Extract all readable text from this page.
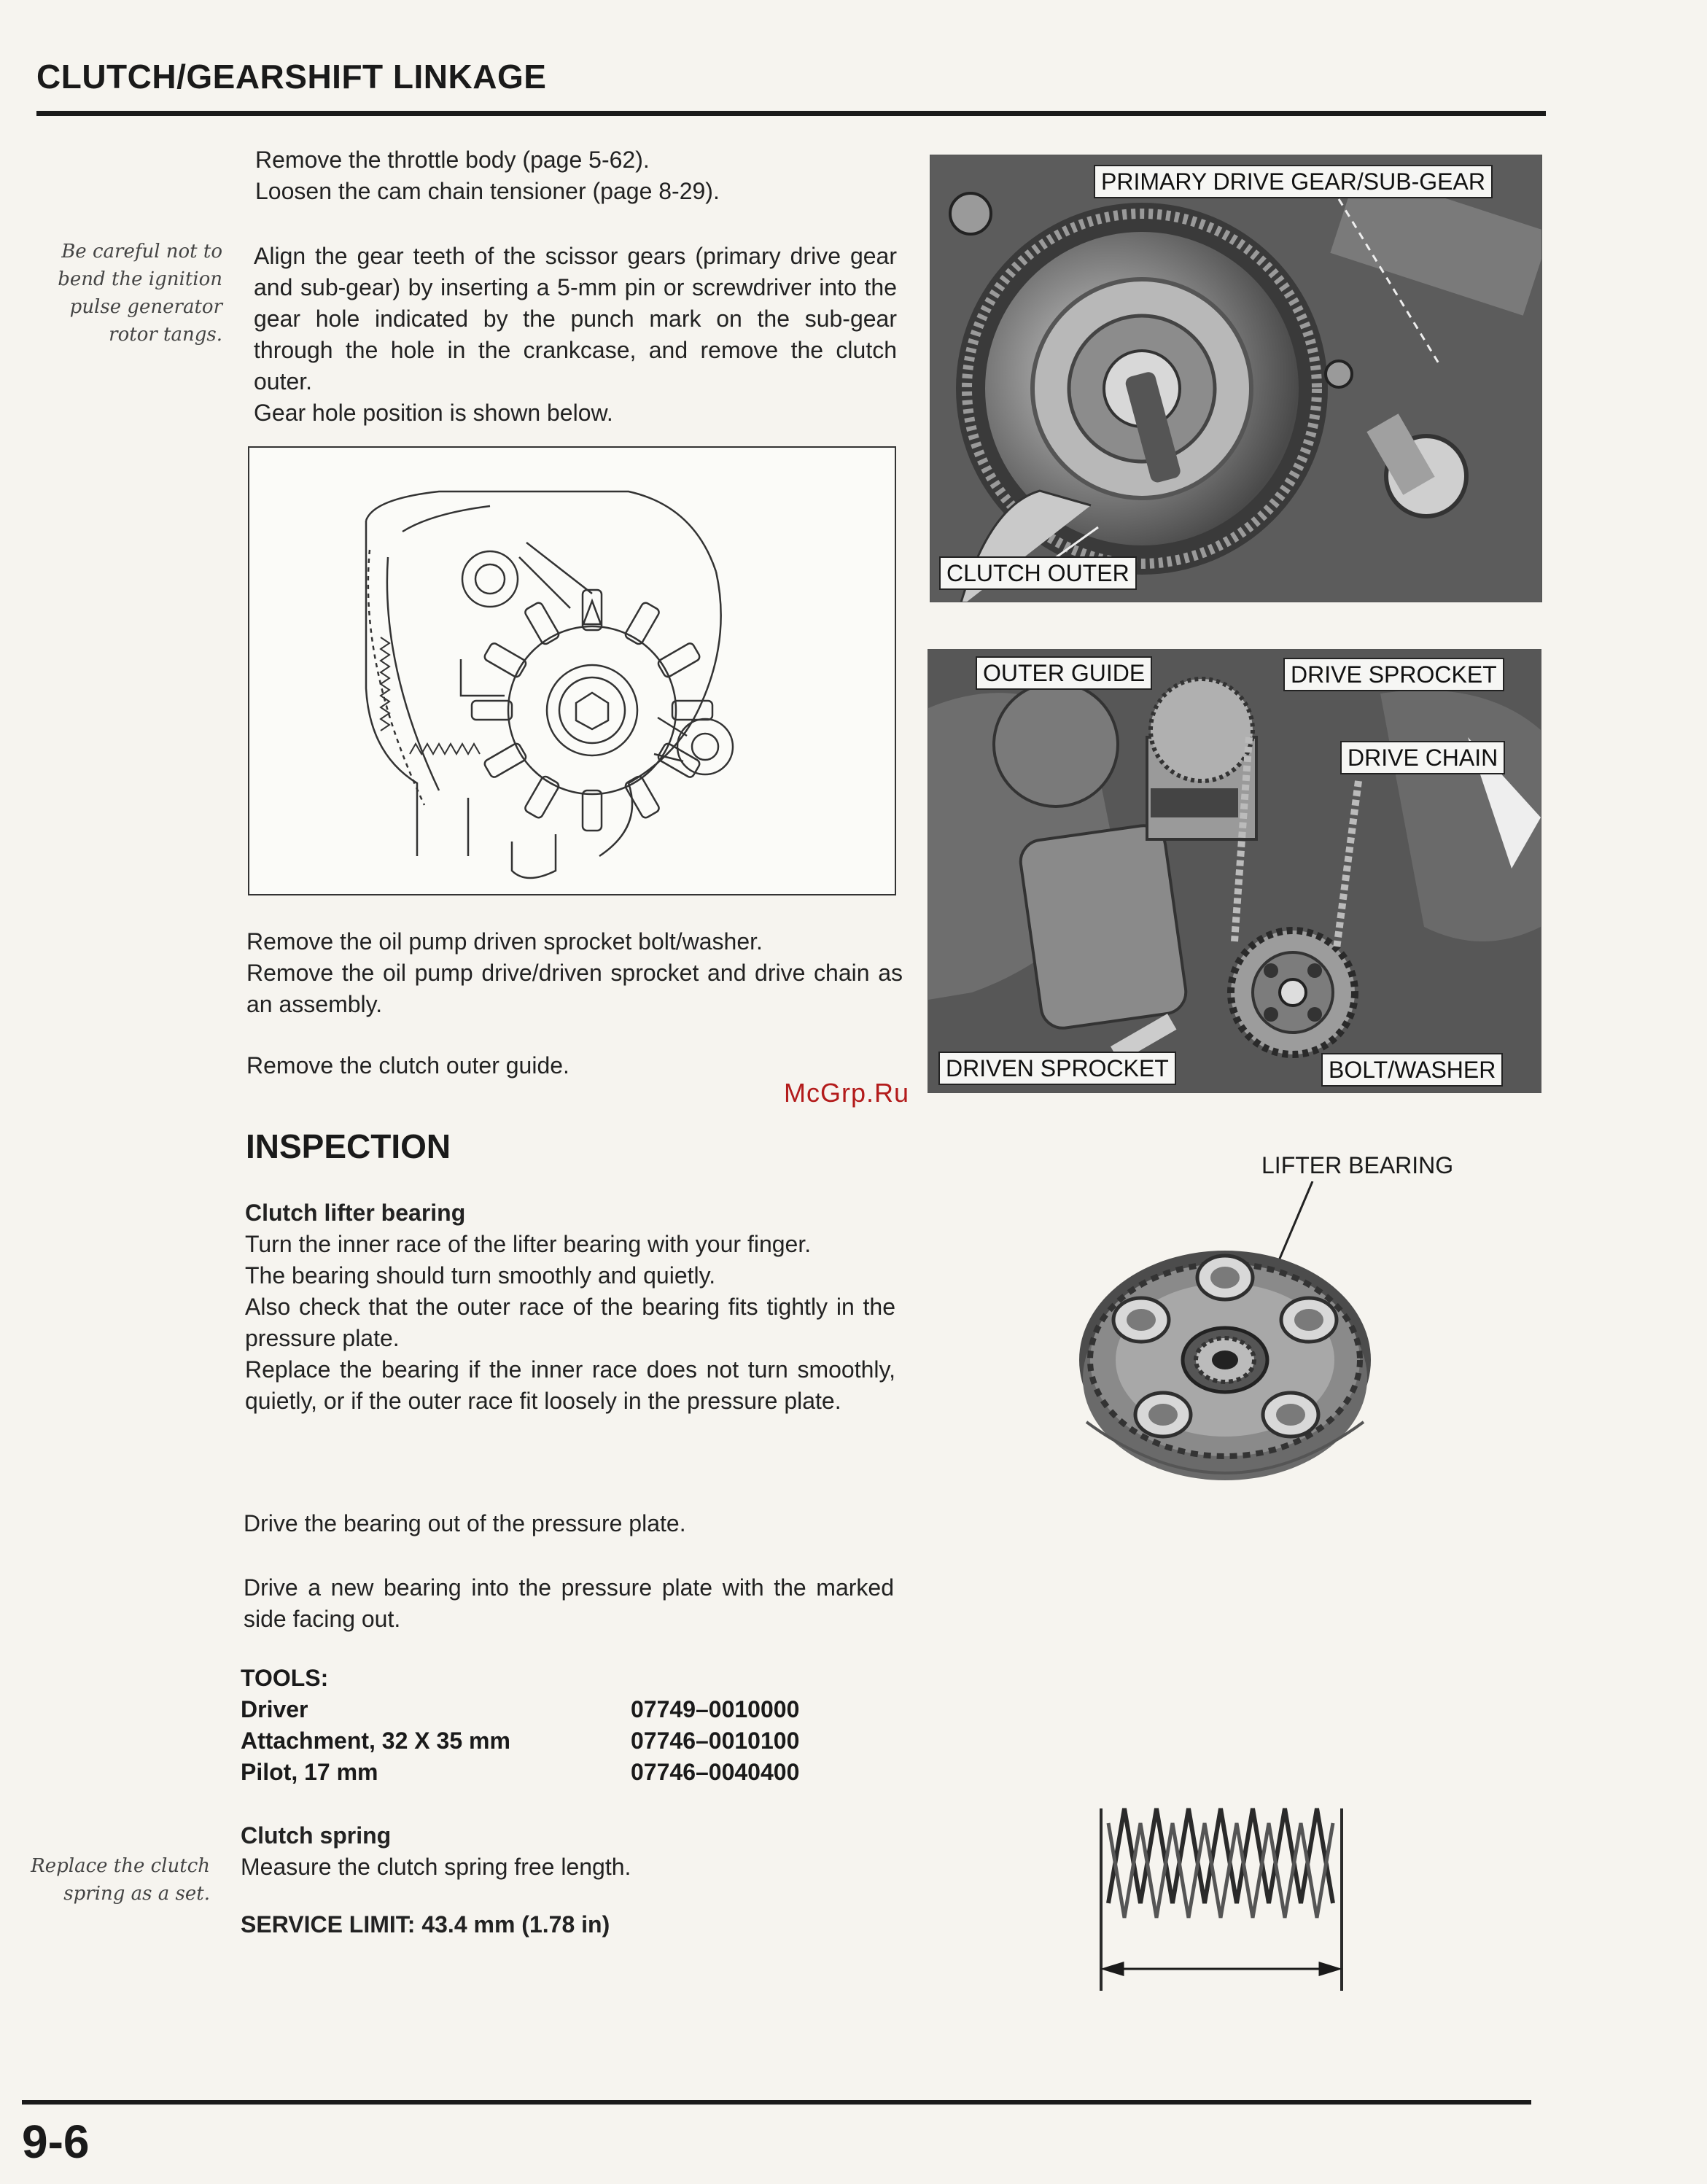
CLUTCH/GEARSHIFT LINKAGE

Remove the throttle body (page 5-62).

Loosen the cam chain tensioner (page 8-29).

Be careful not to bend the ignition pulse generator rotor tangs.

Align the gear teeth of the scissor gears (primary drive gear and sub-gear) by inserting a 5-mm pin or screwdriver into the gear hole indicated by the punch mark on the sub-gear through the hole in the crankcase, and remove the clutch outer.

Gear hole position is shown below.

Remove the oil pump driven sprocket bolt/washer.

Remove the oil pump drive/driven sprocket and drive chain as an assembly.

Remove the clutch outer guide.
McGrp.Ru
PRIMARY DRIVE GEAR/SUB-GEAR
CLUTCH OUTER
OUTER GUIDE	DRIVE SPROCKET
DRIVE CHAIN
DRIVEN SPROCKET	BOLT/WASHER
LIFTER BEARING
INSPECTION

Clutch lifter bearing

Turn the inner race of the lifter bearing with your finger.

The bearing should turn smoothly and quietly.

Also check that the outer race of the bearing fits tightly in the pressure plate.

Replace the bearing if the inner race does not turn smoothly, quietly, or if the outer race fit loosely in the pressure plate.

Drive the bearing out of the pressure plate.
Drive a new bearing into the pressure plate with the marked side facing out.
TOOLS:
Driver	07749–0010000
Attachment, 32 X 35 mm	07746–0010100
Pilot, 17 mm	07746–0040400
Replace the clutch spring as a set.

Clutch spring

Measure the clutch spring free length.

SERVICE LIMIT: 43.4 mm (1.78 in)

9-6
